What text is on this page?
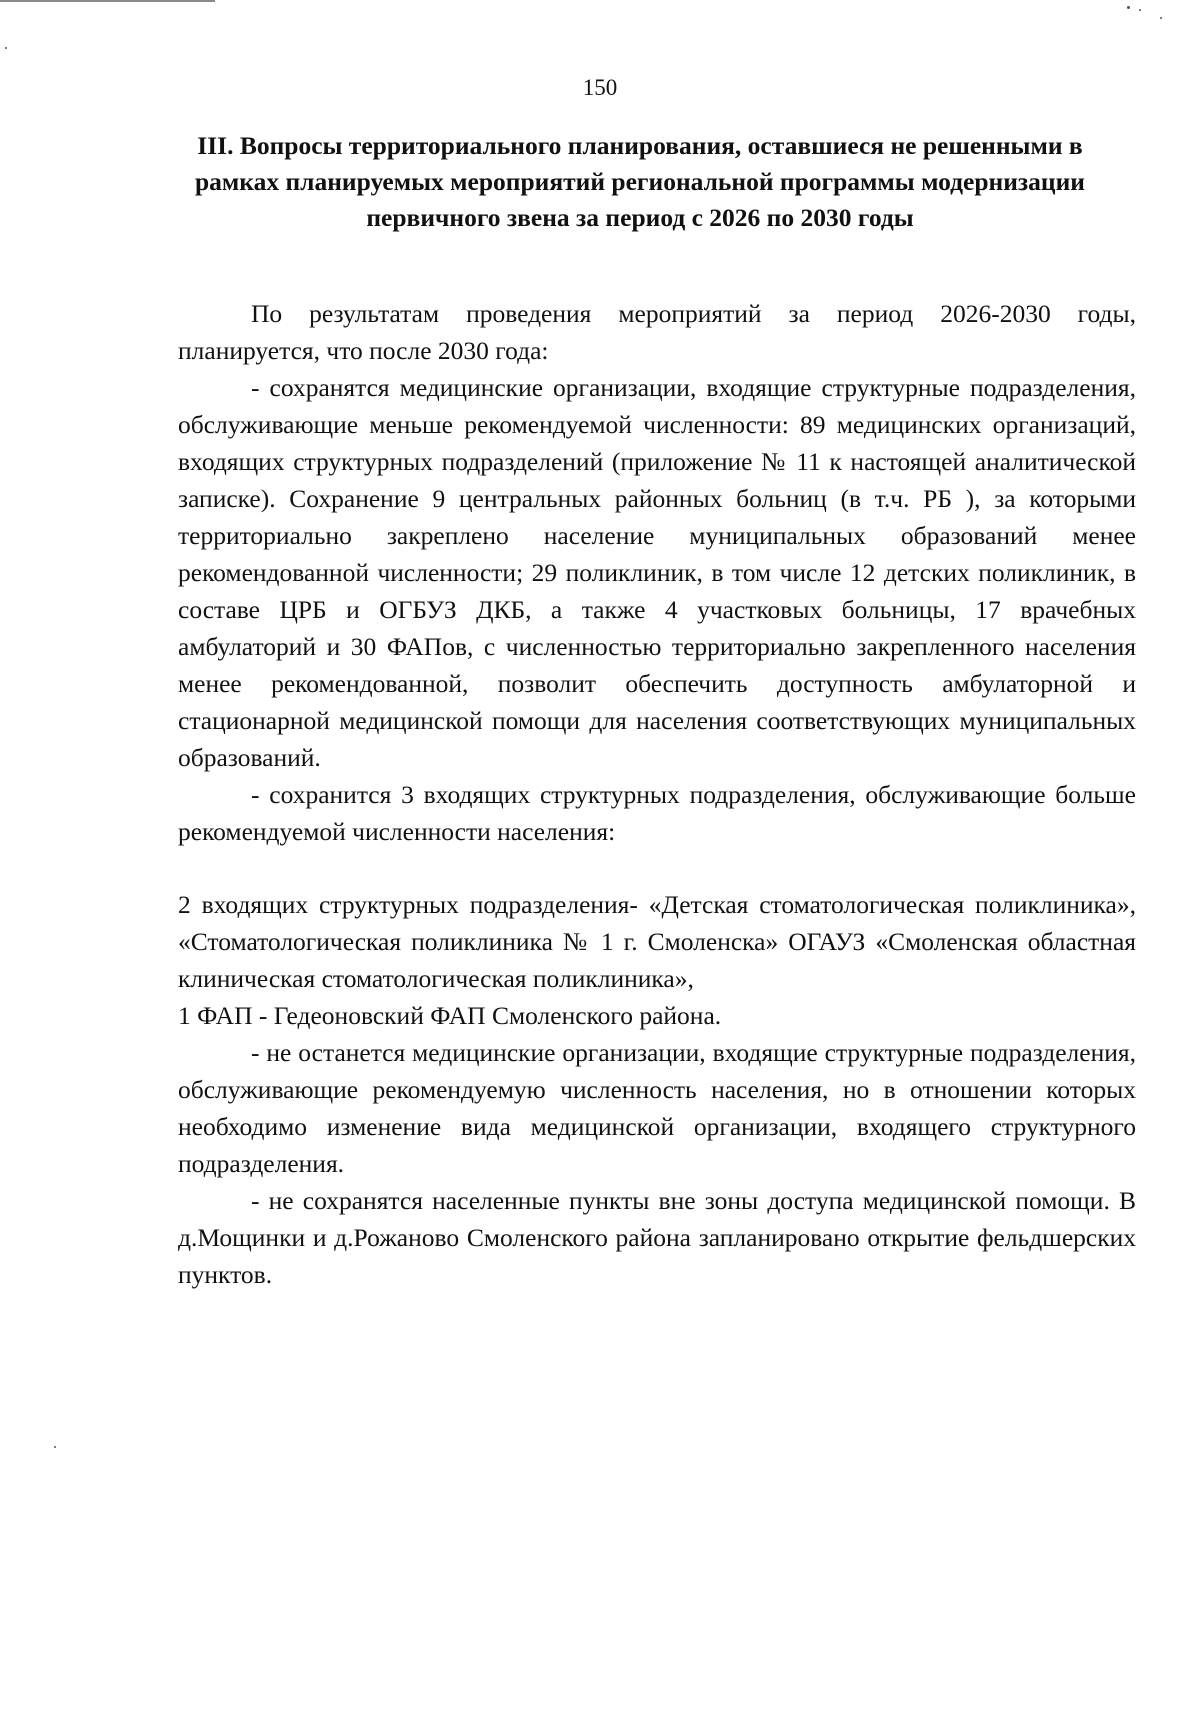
150
III. Вопросы территориального планирования, оставшиеся не решенными в рамках планируемых мероприятий региональной программы модернизации первичного звена за период с 2026 по 2030 годы

По результатам проведения мероприятий за период 2026-2030 годы, планируется, что после 2030 года:

- сохранятся медицинские организации, входящие структурные подразделения, обслуживающие меньше рекомендуемой численности: 89 медицинских организаций, входящих структурных подразделений (приложение № 11 к настоящей аналитической записке). Сохранение 9 центральных районных больниц (в т.ч. РБ ), за которыми территориально закреплено население муниципальных образований менее рекомендованной численности; 29 поликлиник, в том числе 12 детских поликлиник, в составе ЦРБ и ОГБУЗ ДКБ, а также 4 участковых больницы, 17 врачебных амбулаторий и 30 ФАПов, с численностью территориально закрепленного населения менее рекомендованной, позволит обеспечить доступность амбулаторной и стационарной медицинской помощи для населения соответствующих муниципальных образований.

- сохранится 3 входящих структурных подразделения, обслуживающие больше рекомендуемой численности населения:

2 входящих структурных подразделения- «Детская стоматологическая поликлиника», «Стоматологическая поликлиника № 1 г. Смоленска» ОГАУЗ «Смоленская областная клиническая стоматологическая поликлиника»,

1 ФАП - Гедеоновский ФАП Смоленского района.

- не останется медицинские организации, входящие структурные подразделения, обслуживающие рекомендуемую численность населения, но в отношении которых необходимо изменение вида медицинской организации, входящего структурного подразделения.

- не сохранятся населенные пункты вне зоны доступа медицинской помощи. В д.Мощинки и д.Рожаново Смоленского района запланировано открытие фельдшерских пунктов.
